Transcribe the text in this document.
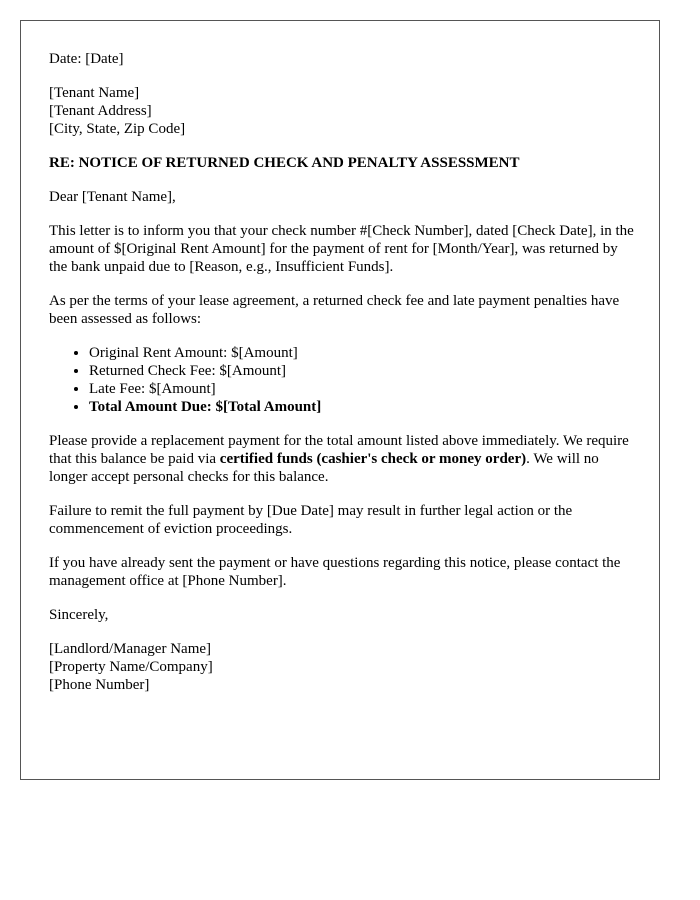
Date: [Date]

[Tenant Name]
[Tenant Address]
[City, State, Zip Code]

RE: NOTICE OF RETURNED CHECK AND PENALTY ASSESSMENT

Dear [Tenant Name],

This letter is to inform you that your check number #[Check Number], dated [Check Date], in the amount of $[Original Rent Amount] for the payment of rent for [Month/Year], was returned by the bank unpaid due to [Reason, e.g., Insufficient Funds].

As per the terms of your lease agreement, a returned check fee and late payment penalties have been assessed as follows:

• Original Rent Amount: $[Amount]
• Returned Check Fee: $[Amount]
• Late Fee: $[Amount]
• Total Amount Due: $[Total Amount]

Please provide a replacement payment for the total amount listed above immediately. We require that this balance be paid via certified funds (cashier's check or money order). We will no longer accept personal checks for this balance.

Failure to remit the full payment by [Due Date] may result in further legal action or the commencement of eviction proceedings.

If you have already sent the payment or have questions regarding this notice, please contact the management office at [Phone Number].

Sincerely,

[Landlord/Manager Name]
[Property Name/Company]
[Phone Number]
